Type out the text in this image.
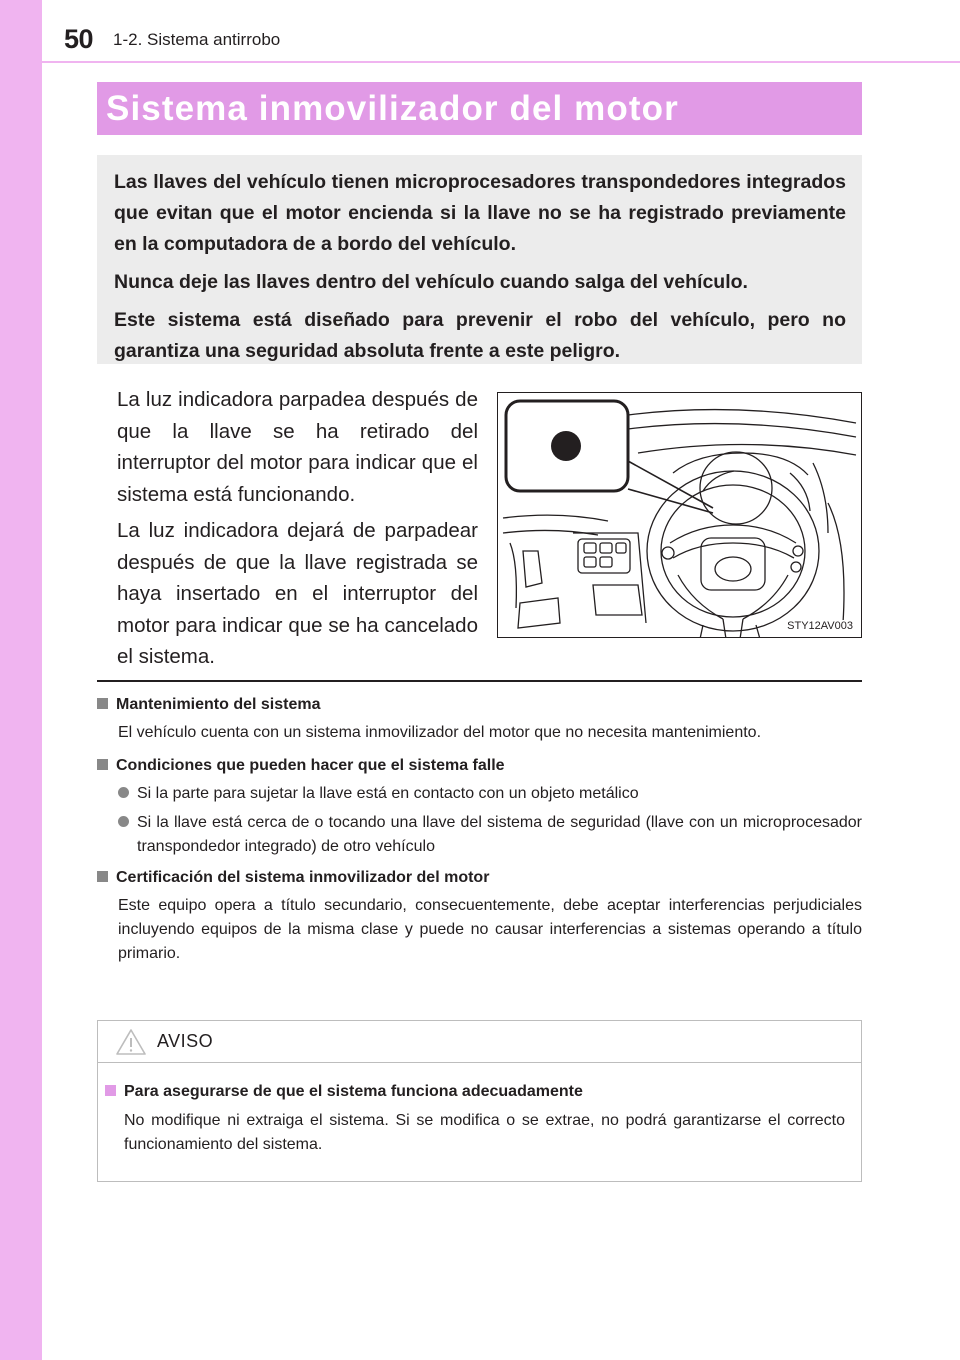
50 1-2. Sistema antirrobo
Sistema inmovilizador del motor

Las llaves del vehículo tienen microprocesadores transpondedores integrados que evitan que el motor encienda si la llave no se ha registrado previamente en la computadora de a bordo del vehículo.

Nunca deje las llaves dentro del vehículo cuando salga del vehículo.

Este sistema está diseñado para prevenir el robo del vehículo, pero no garantiza una seguridad absoluta frente a este peligro.

La luz indicadora parpadea después de que la llave se ha retirado del interruptor del motor para indicar que el sistema está funcionando.

La luz indicadora dejará de parpadear después de que la llave registrada se haya insertado en el interruptor del motor para indicar que se ha cancelado el sistema.

STY12AV003
Mantenimiento del sistema

El vehículo cuenta con un sistema inmovilizador del motor que no necesita mantenimiento.

Condiciones que pueden hacer que el sistema falle
Si la parte para sujetar la llave está en contacto con un objeto metálico
Si la llave está cerca de o tocando una llave del sistema de seguridad (llave con un microprocesador transpondedor integrado) de otro vehículo
Certificación del sistema inmovilizador del motor

Este equipo opera a título secundario, consecuentemente, debe aceptar interferencias perjudiciales incluyendo equipos de la misma clase y puede no causar interferencias a sistemas operando a título primario.

AVISO
Para asegurarse de que el sistema funciona adecuadamente

No modifique ni extraiga el sistema. Si se modifica o se extrae, no podrá garantizarse el correcto funcionamiento del sistema.
